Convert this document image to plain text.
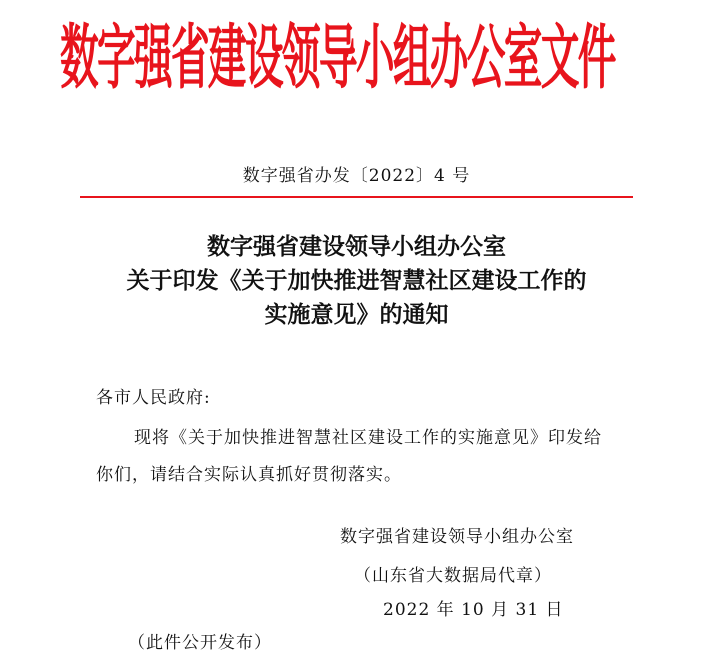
数字强省建设领导小组办公室文件
数字强省办发〔2022〕4 号
数字强省建设领导小组办公室
关于印发《关于加快推进智慧社区建设工作的
实施意见》的通知
各市人民政府:
现将《关于加快推进智慧社区建设工作的实施意见》印发给
你们，请结合实际认真抓好贯彻落实。
数字强省建设领导小组办公室
（山东省大数据局代章）
2022 年 10 月 31 日
（此件公开发布）
